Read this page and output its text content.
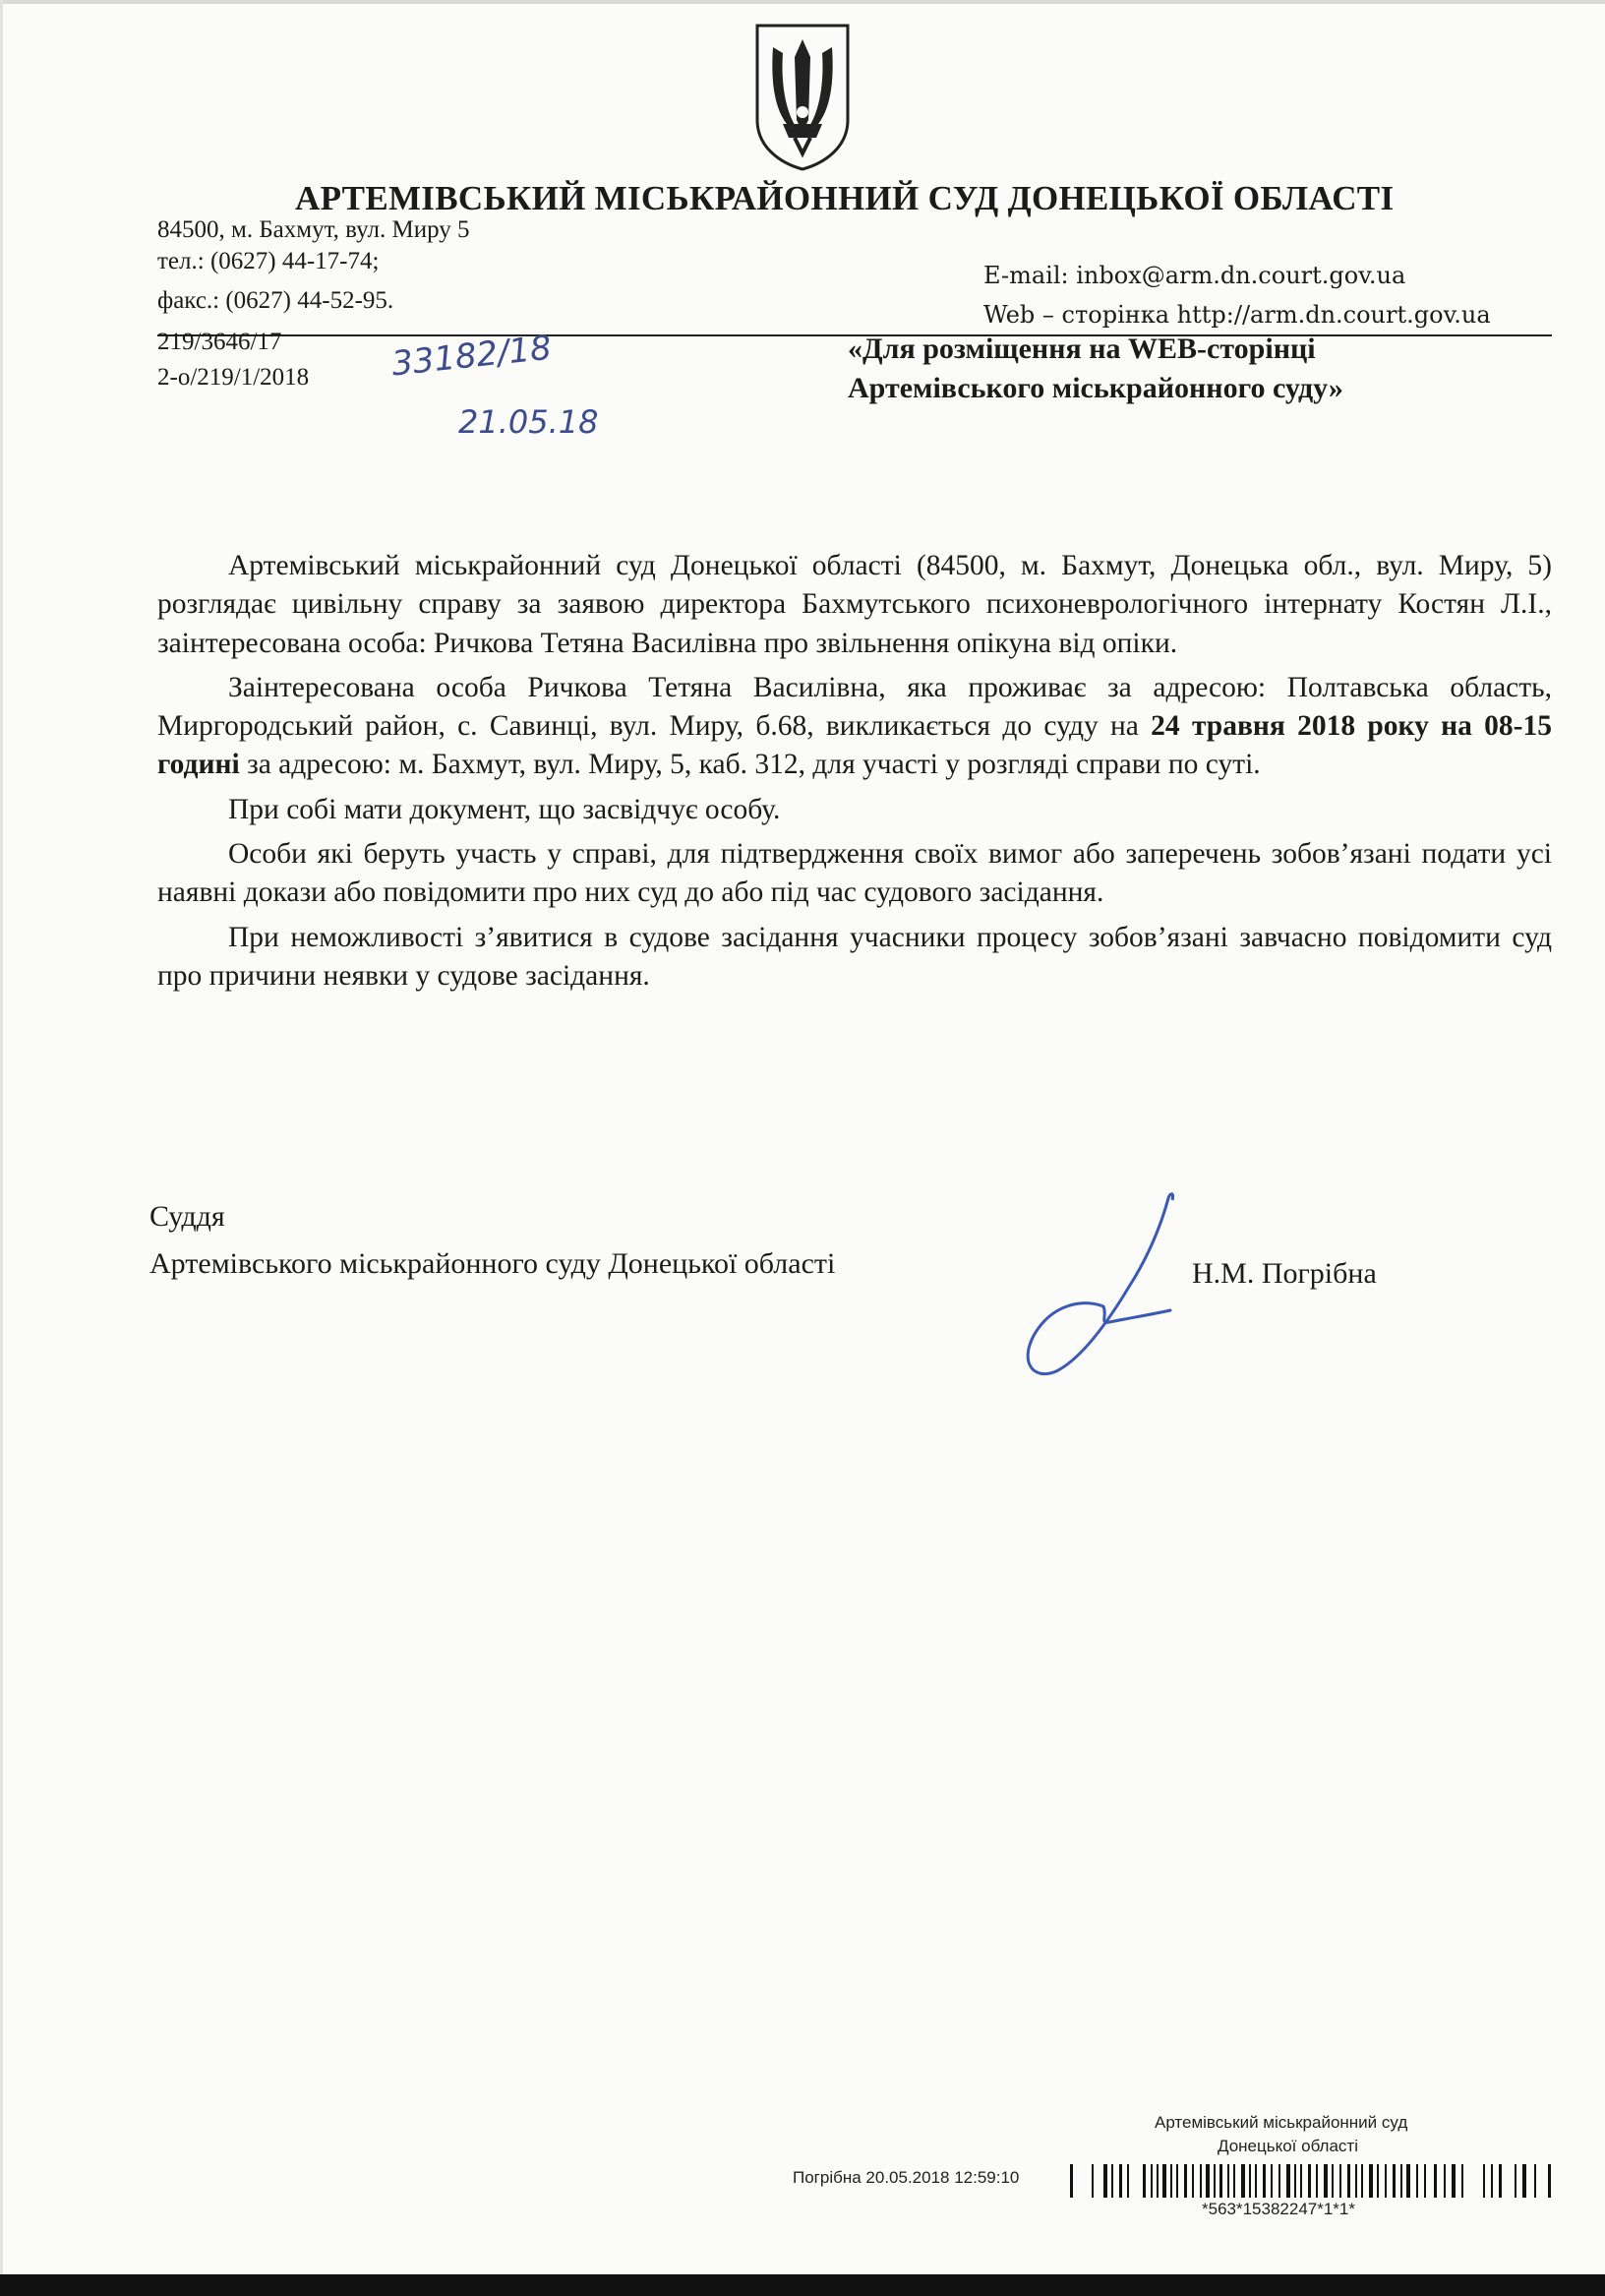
АРТЕМІВСЬКИЙ МІСЬКРАЙОННИЙ СУД ДОНЕЦЬКОЇ ОБЛАСТІ
84500, м. Бахмут, вул. Миру 5
тел.: (0627) 44-17-74;
факс.: (0627) 44-52-95.
E-mail: inbox@arm.dn.court.gov.ua
Web – сторінка http://arm.dn.court.gov.ua
219/3646/17
2-о/219/1/2018 33182/18
21.05.18
«Для розміщення на WEB-сторінці
Артемівського міськрайонного суду»

Артемівський міськрайонний суд Донецької області (84500, м. Бахмут, Донецька обл., вул. Миру, 5) розглядає цивільну справу за заявою директора Бахмутського психоневрологічного інтернату Костян Л.І., заінтересована особа: Ричкова Тетяна Василівна про звільнення опікуна від опіки.

Заінтересована особа Ричкова Тетяна Василівна, яка проживає за адресою: Полтавська область, Миргородський район, с. Савинці, вул. Миру, б.68, викликається до суду на 24 травня 2018 року на 08-15 годині за адресою: м. Бахмут, вул. Миру, 5, каб. 312, для участі у розгляді справи по суті.

При собі мати документ, що засвідчує особу.

Особи які беруть участь у справі, для підтвердження своїх вимог або заперечень зобов’язані подати усі наявні докази або повідомити про них суд до або під час судового засідання.

При неможливості з’явитися в судове засідання учасники процесу зобов’язані завчасно повідомити суд про причини неявки у судове засідання.

Суддя
Артемівського міськрайонного суду Донецької області	Н.М. Погрібна
Артемівський міськрайонний суд
Донецької області
Погрібна 20.05.2018 12:59:10
*563*15382247*1*1*
